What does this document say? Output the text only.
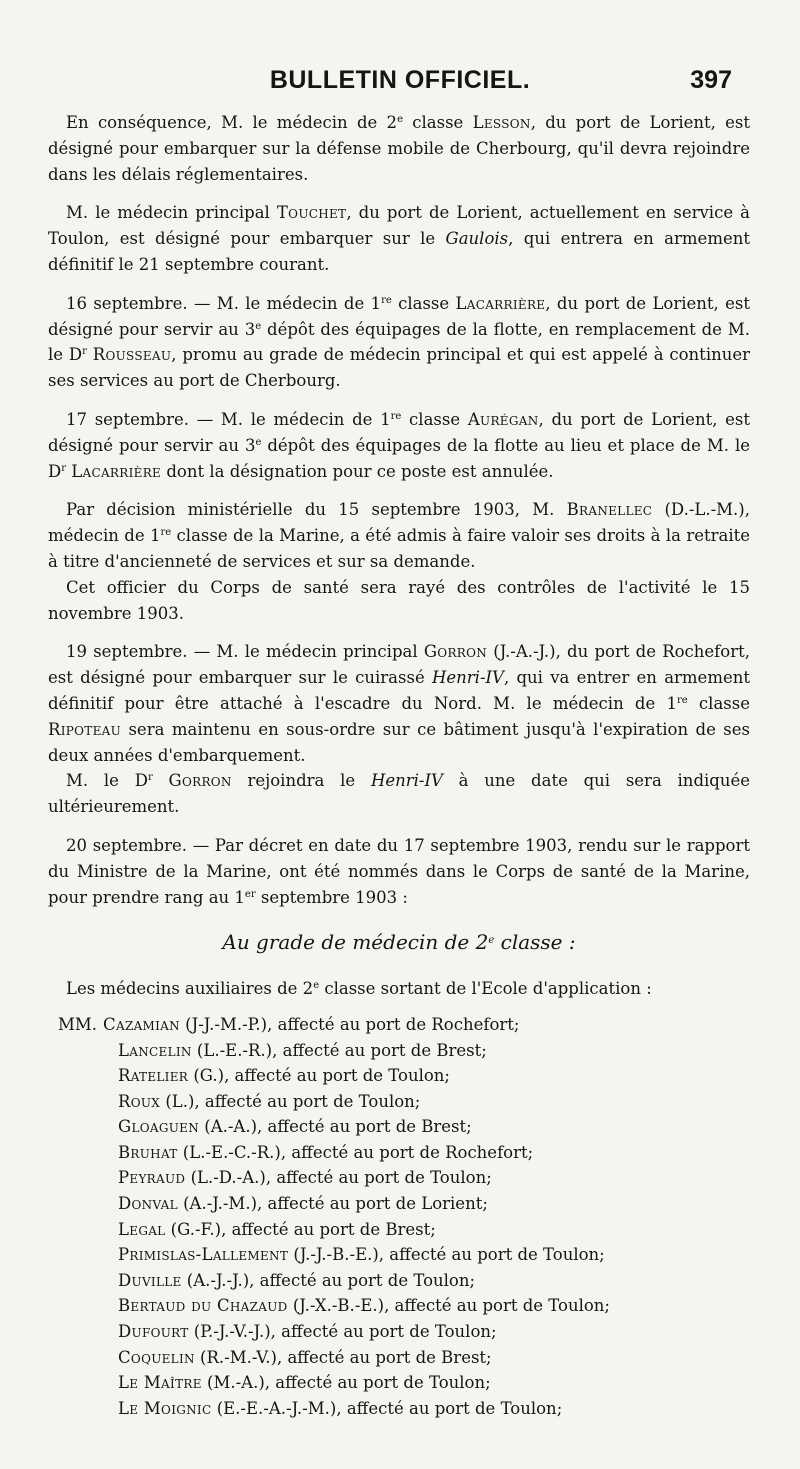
BULLETIN OFFICIEL.	397

En conséquence, M. le médecin de 2e classe Lesson, du port de Lorient, est désigné pour embarquer sur la défense mobile de Cherbourg, qu'il devra rejoindre dans les délais réglementaires.

M. le médecin principal Touchet, du port de Lorient, actuellement en service à Toulon, est désigné pour embarquer sur le Gaulois, qui entrera en armement définitif le 21 septembre courant.

16 septembre. — M. le médecin de 1re classe Lacarrière, du port de Lorient, est désigné pour servir au 3e dépôt des équipages de la flotte, en remplacement de M. le $D^r$ Rousseau, promu au grade de médecin principal et qui est appelé à continuer ses services au port de Cherbourg.

17 septembre. — M. le médecin de 1re classe Aurégan, du port de Lorient, est désigné pour servir au 3e dépôt des équipages de la flotte au lieu et place de M. le $D^r$ Lacarrière dont la désignation pour ce poste est annulée.

Par décision ministérielle du 15 septembre 1903, M. Branellec (D.-L.-M.), médecin de 1re classe de la Marine, a été admis à faire valoir ses droits à la retraite à titre d'ancienneté de services et sur sa demande.

Cet officier du Corps de santé sera rayé des contrôles de l'activité le 15 novembre 1903.

19 septembre. — M. le médecin principal Gorron (J.-A.-J.), du port de Rochefort, est désigné pour embarquer sur le cuirassé Henri-IV, qui va entrer en armement définitif pour être attaché à l'escadre du Nord. M. le médecin de 1re classe Ripoteau sera maintenu en sous-ordre sur ce bâtiment jusqu'à l'expiration de ses deux années d'embarquement.

M. le $D^r$ Gorron rejoindra le Henri-IV à une date qui sera indiquée ultérieurement.

20 septembre. — Par décret en date du 17 septembre 1903, rendu sur le rapport du Ministre de la Marine, ont été nommés dans le Corps de santé de la Marine, pour prendre rang au 1er septembre 1903 :

Au grade de médecin de 2e classe :

Les médecins auxiliaires de 2e classe sortant de l'Ecole d'application :

MM. Cazamian (J-J.-M.-P.), affecté au port de Rochefort;
Lancelin (L.-E.-R.), affecté au port de Brest;
Ratelier (G.), affecté au port de Toulon;
Roux (L.), affecté au port de Toulon;
Gloaguen (A.-A.), affecté au port de Brest;
Bruhat (L.-E.-C.-R.), affecté au port de Rochefort;
Peyraud (L.-D.-A.), affecté au port de Toulon;
Donval (A.-J.-M.), affecté au port de Lorient;
Legal (G.-F.), affecté au port de Brest;
Primislas-Lallement (J.-J.-B.-E.), affecté au port de Toulon;
Duville (A.-J.-J.), affecté au port de Toulon;
Bertaud du Chazaud (J.-X.-B.-E.), affecté au port de Toulon;
Dufourt (P.-J.-V.-J.), affecté au port de Toulon;
Coquelin (R.-M.-V.), affecté au port de Brest;
Le Maître (M.-A.), affecté au port de Toulon;
Le Moignic (E.-E.-A.-J.-M.), affecté au port de Toulon;
